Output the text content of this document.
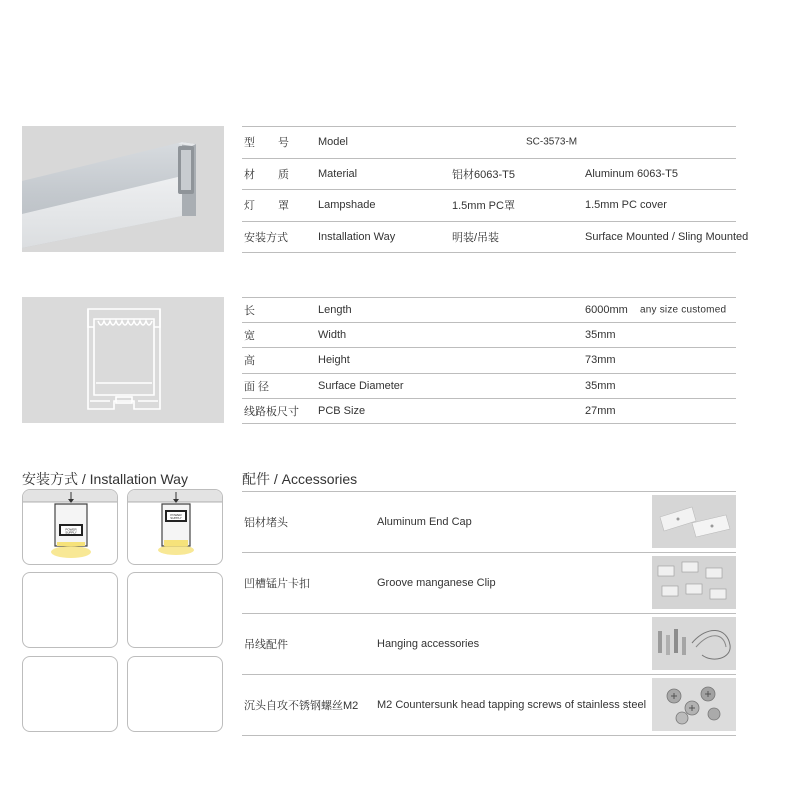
型 号 Model	SC-3573-M
材 质 Material	铝材6063-T5	Aluminum 6063-T5
灯 罩 Lampshade	1.5mm PC罩	1.5mm PC cover
安装方式	Installation Way	明装/吊装	Surface Mounted / Sling Mounted
长	Length	6000mm any size customed
宽	Width	35mm
高	Height	73mm
面 径	Surface Diameter	35mm
线路板尺寸 PCB Size	27mm
安装方式 / Installation Way
POWER
SUPPLY
POWER
SUPPLY
配件 / Accessories
铝材堵头	Aluminum End Cap
凹槽锰片卡扣	Groove manganese Clip
吊线配件	Hanging accessories
沉头自攻不锈钢螺丝M2 M2 Countersunk head tapping screws of stainless steel
